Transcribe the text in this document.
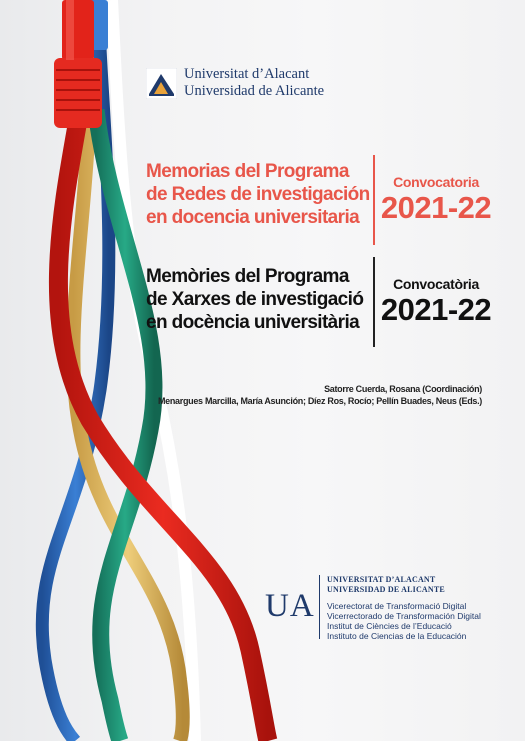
Universitat d’Alacant
Universidad de Alicante
Memorias del Programa
de Redes de investigación
en docencia universitaria
Convocatoria
2021-22
Memòries del Programa
de Xarxes de investigació
en docència universitària
Convocatòria
2021-22
Satorre Cuerda, Rosana (Coordinación)
Menargues Marcilla, María Asunción; Díez Ros, Rocío; Pellín Buades, Neus (Eds.)
UA
UNIVERSITAT D’ALACANT
UNIVERSIDAD DE ALICANTE
Vicerectorat de Transformació Digital
Vicerrectorado de Transformación Digital
Institut de Ciències de l’Educació
Instituto de Ciencias de la Educación
